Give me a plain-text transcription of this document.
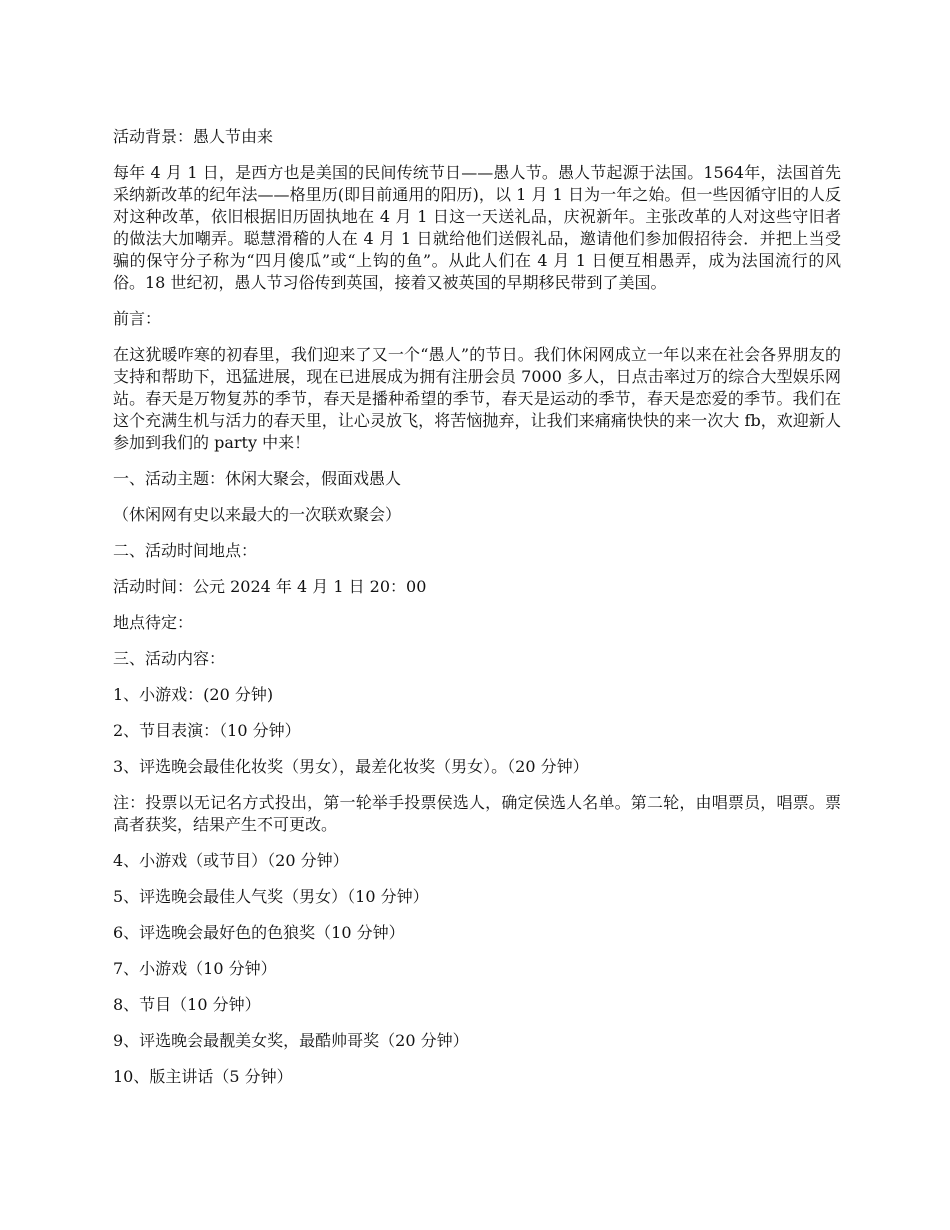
活动背景：愚人节由来

每年 4 月 1 日，是西方也是美国的民间传统节日——愚人节。愚人节起源于法国。1564年，法国首先采纳新改革的纪年法——格里历(即目前通用的阳历)，以 1 月 1 日为一年之始。但一些因循守旧的人反对这种改革，依旧根据旧历固执地在 4 月 1 日这一天送礼品，庆祝新年。主张改革的人对这些守旧者的做法大加嘲弄。聪慧滑稽的人在 4 月 1 日就给他们送假礼品，邀请他们参加假招待会．并把上当受骗的保守分子称为“四月傻瓜”或“上钩的鱼”。从此人们在 4 月 1 日便互相愚弄，成为法国流行的风俗。18 世纪初，愚人节习俗传到英国，接着又被英国的早期移民带到了美国。

前言：

在这犹暖咋寒的初春里，我们迎来了又一个“愚人”的节日。我们休闲网成立一年以来在社会各界朋友的支持和帮助下，迅猛进展，现在已进展成为拥有注册会员 7000 多人，日点击率过万的综合大型娱乐网站。春天是万物复苏的季节，春天是播种希望的季节，春天是运动的季节，春天是恋爱的季节。我们在这个充满生机与活力的春天里，让心灵放飞，将苦恼抛弃，让我们来痛痛快快的来一次大 fb，欢迎新人参加到我们的 party 中来！

一、活动主题：休闲大聚会，假面戏愚人

（休闲网有史以来最大的一次联欢聚会）

二、活动时间地点：

活动时间：公元 2024 年 4 月 1 日 20：00

地点待定：

三、活动内容：

1、小游戏：(20 分钟)

2、节目表演：（10 分钟）

3、评选晚会最佳化妆奖（男女），最差化妆奖（男女）。（20 分钟）

注：投票以无记名方式投出，第一轮举手投票侯选人，确定侯选人名单。第二轮，由唱票员，唱票。票高者获奖，结果产生不可更改。

4、小游戏（或节目）（20 分钟）

5、评选晚会最佳人气奖（男女）（10 分钟）

6、评选晚会最好色的色狼奖（10 分钟）

7、小游戏（10 分钟）

8、节目（10 分钟）

9、评选晚会最靓美女奖，最酷帅哥奖（20 分钟）

10、版主讲话（5 分钟）
